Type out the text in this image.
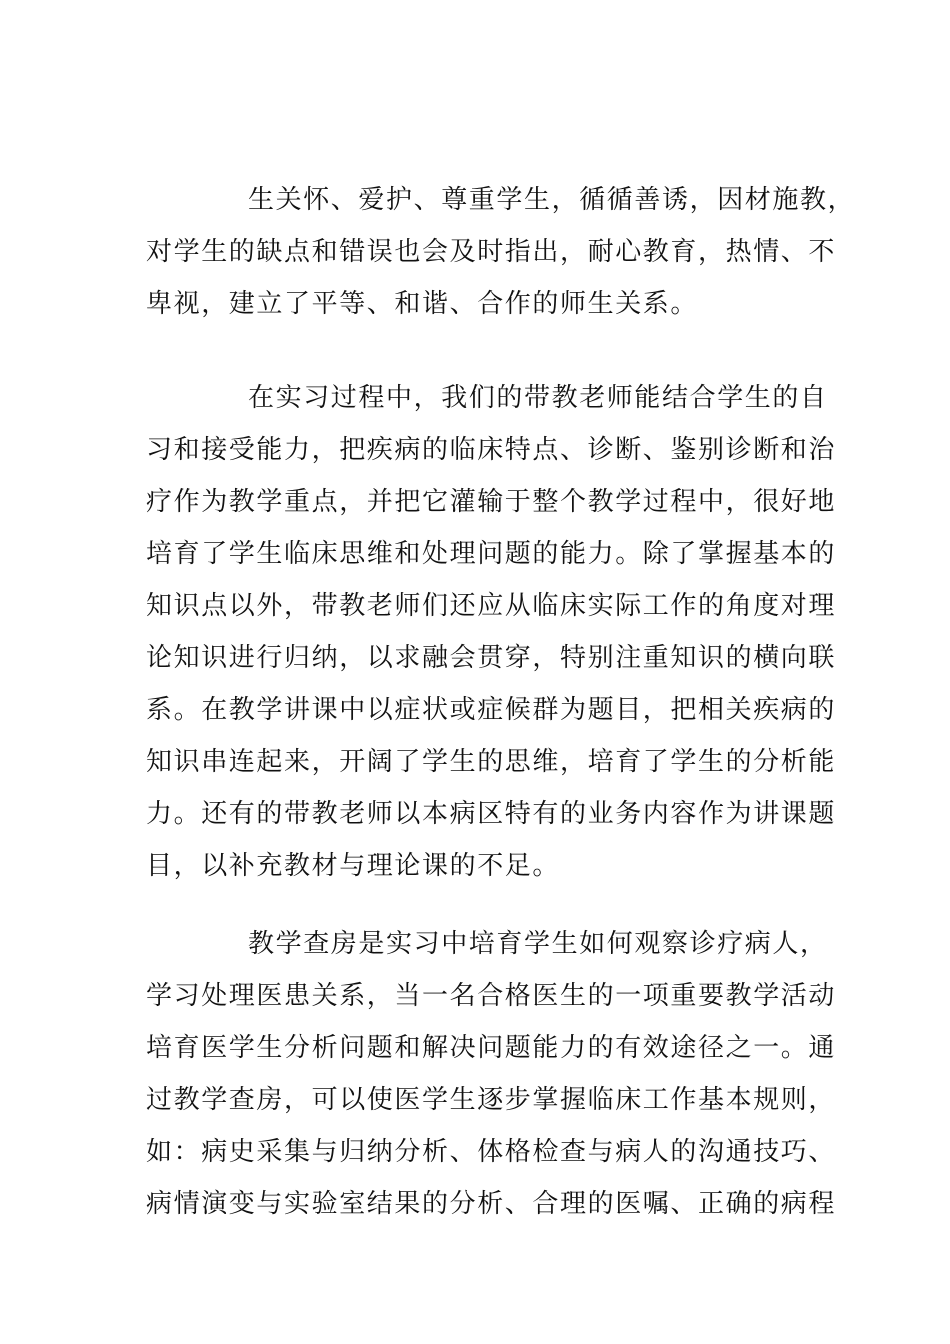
生关怀、爱护、尊重学生，循循善诱，因材施教，
对学生的缺点和错误也会及时指出，耐心教育，热情、不
卑视，建立了平等、和谐、合作的师生关系。
在实习过程中，我们的带教老师能结合学生的自
习和接受能力，把疾病的临床特点、诊断、鉴别诊断和治
疗作为教学重点，并把它灌输于整个教学过程中，很好地
培育了学生临床思维和处理问题的能力。除了掌握基本的
知识点以外，带教老师们还应从临床实际工作的角度对理
论知识进行归纳，以求融会贯穿，特别注重知识的横向联
系。在教学讲课中以症状或症候群为题目，把相关疾病的
知识串连起来，开阔了学生的思维，培育了学生的分析能
力。还有的带教老师以本病区特有的业务内容作为讲课题
目，以补充教材与理论课的不足。
教学查房是实习中培育学生如何观察诊疗病人，
学习处理医患关系，当一名合格医生的一项重要教学活动
培育医学生分析问题和解决问题能力的有效途径之一。通
过教学查房，可以使医学生逐步掌握临床工作基本规则，
如：病史采集与归纳分析、体格检查与病人的沟通技巧、
病情演变与实验室结果的分析、合理的医嘱、正确的病程
